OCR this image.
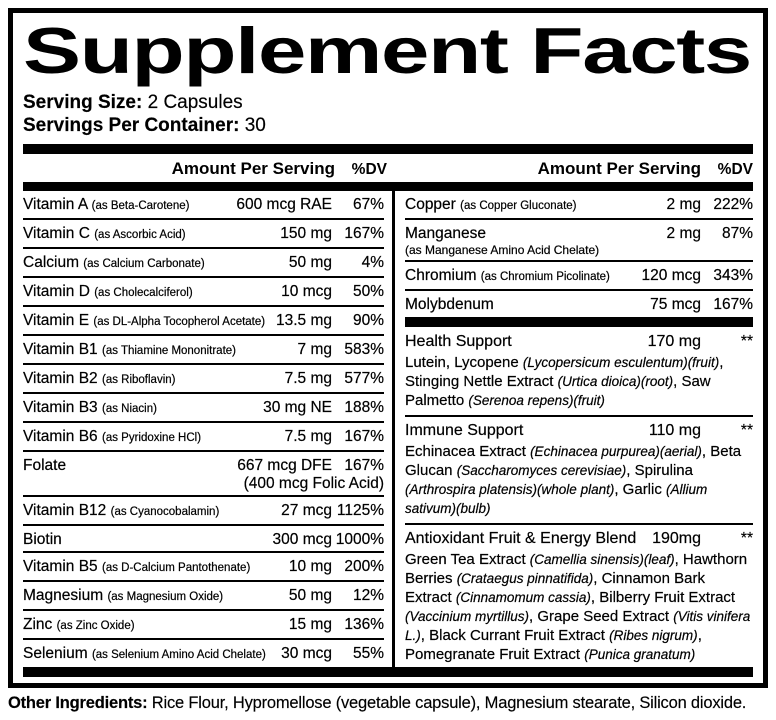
Supplement Facts
Serving Size: 2 Capsules
Servings Per Container: 30
Amount Per Serving	%DV	Amount Per Serving	%DV
Vitamin A (as Beta-Carotene)	600 mcg RAE	67%
Vitamin C (as Ascorbic Acid)	150 mg 167%
Calcium (as Calcium Carbonate)	50 mg	4%
Vitamin D (as Cholecalciferol)	10 mcg	50%
Vitamin E (as DL-Alpha Tocopherol Acetate) 13.5 mg	90%
Vitamin B1 (as Thiamine Mononitrate)	7 mg 583%
Vitamin B2 (as Riboflavin)	7.5 mg 577%
Vitamin B3 (as Niacin)	30 mg NE 188%
Vitamin B6 (as Pyridoxine HCl)	7.5 mg 167%
Folate	667 mcg DFE 167%
(400 mcg Folic Acid)
Vitamin B12 (as Cyanocobalamin)	27 mcg 1125%
Biotin	300 mcg 1000%
Vitamin B5 (as D-Calcium Pantothenate)	10 mg 200%
Magnesium (as Magnesium Oxide)	50 mg	12%
Zinc (as Zinc Oxide)	15 mg 136%
Selenium (as Selenium Amino Acid Chelate) 30 mcg	55%
Copper (as Copper Gluconate)	2 mg 222%
Manganese	2 mg	87%
(as Manganese Amino Acid Chelate)
Chromium (as Chromium Picolinate)	120 mcg 343%
Molybdenum	75 mcg 167%
Health Support	170 mg	**
Lutein, Lycopene (Lycopersicum esculentum)(fruit), Stinging Nettle Extract (Urtica dioica)(root), Saw Palmetto (Serenoa repens)(fruit)
Immune Support	110 mg	**
Echinacea Extract (Echinacea purpurea)(aerial), Beta Glucan (Saccharomyces cerevisiae), Spirulina (Arthrospira platensis)(whole plant), Garlic (Allium sativum)(bulb)
Antioxidant Fruit & Energy Blend 190mg	**
Green Tea Extract (Camellia sinensis)(leaf), Hawthorn Berries (Crataegus pinnatifida), Cinnamon Bark Extract (Cinnamomum cassia), Bilberry Fruit Extract (Vaccinium myrtillus), Grape Seed Extract (Vitis vinifera L.), Black Currant Fruit Extract (Ribes nigrum), Pomegranate Fruit Extract (Punica granatum)
Other Ingredients: Rice Flour, Hypromellose (vegetable capsule), Magnesium stearate, Silicon dioxide.
